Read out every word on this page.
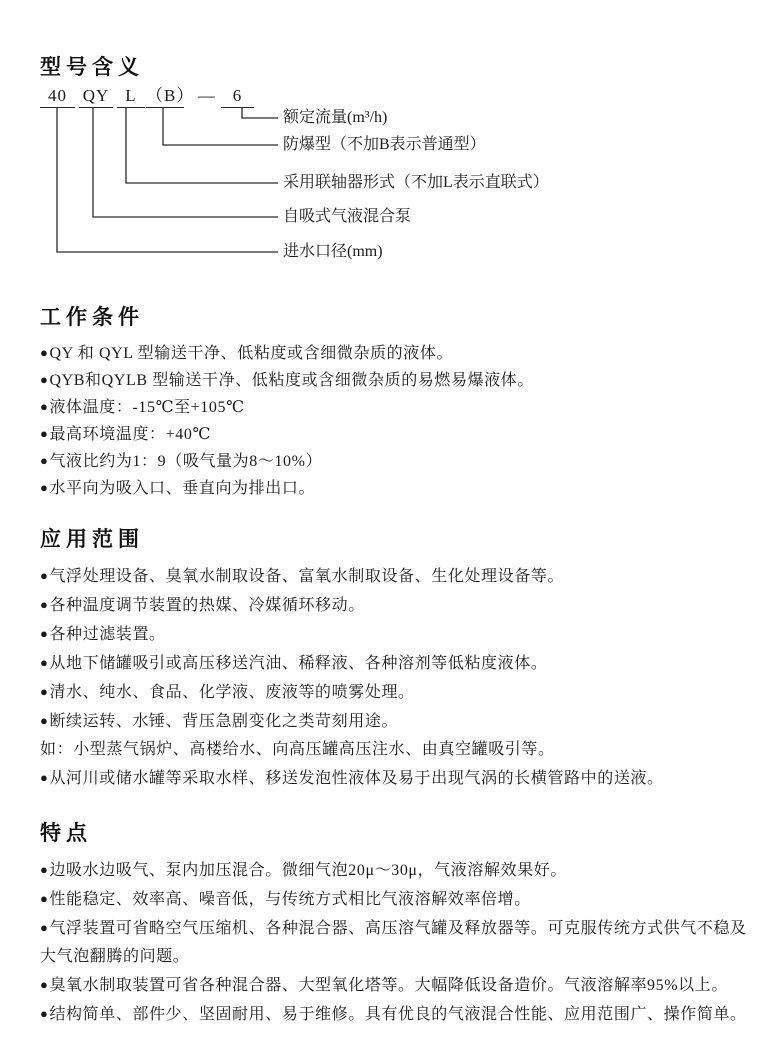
型号含义
40 QY L （B） — 6
额定流量(m³/h)
防爆型（不加B表示普通型）
采用联轴器形式（不加L表示直联式）
自吸式气液混合泵
进水口径(mm)
工作条件
●QY 和 QYL 型输送干净、低粘度或含细微杂质的液体。
●QYB和QYLB 型输送干净、低粘度或含细微杂质的易燃易爆液体。
●液体温度：-15℃至+105℃
●最高环境温度：+40℃
●气液比约为1：9（吸气量为8～10%）
●水平向为吸入口、垂直向为排出口。
应用范围
●气浮处理设备、臭氧水制取设备、富氧水制取设备、生化处理设备等。
●各种温度调节装置的热媒、冷媒循环移动。
●各种过滤装置。
●从地下储罐吸引或高压移送汽油、稀释液、各种溶剂等低粘度液体。
●清水、纯水、食品、化学液、废液等的喷雾处理。
●断续运转、水锤、背压急剧变化之类苛刻用途。
如：小型蒸气锅炉、高楼给水、向高压罐高压注水、由真空罐吸引等。
●从河川或储水罐等采取水样、移送发泡性液体及易于出现气涡的长横管路中的送液。
特点
●边吸水边吸气、泵内加压混合。微细气泡20μ～30μ，气液溶解效果好。
●性能稳定、效率高、噪音低，与传统方式相比气液溶解效率倍增。
●气浮装置可省略空气压缩机、各种混合器、高压溶气罐及释放器等。可克服传统方式供气不稳及大气泡翻腾的问题。
●臭氧水制取装置可省各种混合器、大型氧化塔等。大幅降低设备造价。气液溶解率95%以上。
●结构简单、部件少、坚固耐用、易于维修。具有优良的气液混合性能、应用范围广、操作简单。
